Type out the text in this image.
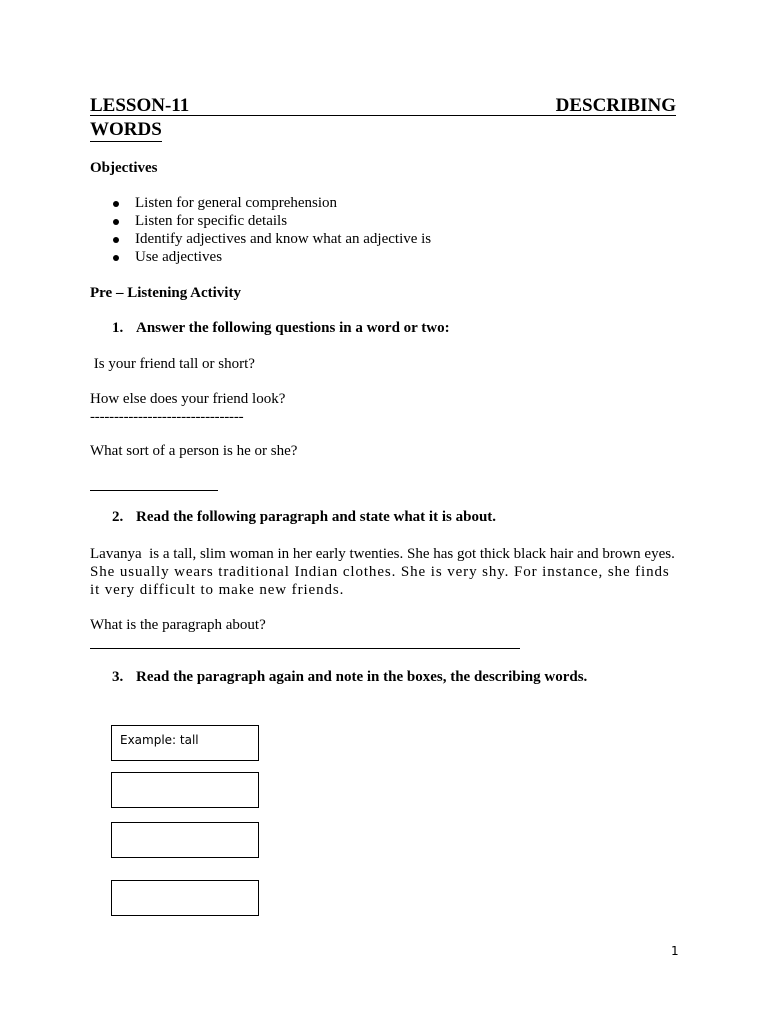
LESSON-11	DESCRIBING
WORDS
Objectives
Listen for general comprehension
Listen for specific details
Identify adjectives and know what an adjective is
Use adjectives
Pre – Listening Activity
1. Answer the following questions in a word or two:
Is your friend tall or short?
How else does your friend look?
--------------------------------
What sort of a person is he or she?
2. Read the following paragraph and state what it is about.
Lavanya  is a tall, slim woman in her early twenties. She has got thick black hair and brown eyes.
She usually wears traditional Indian clothes. She is very shy. For instance, she finds
it very difficult to make new friends.
What is the paragraph about?
3. Read the paragraph again and note in the boxes, the describing words.
Example: tall
1
